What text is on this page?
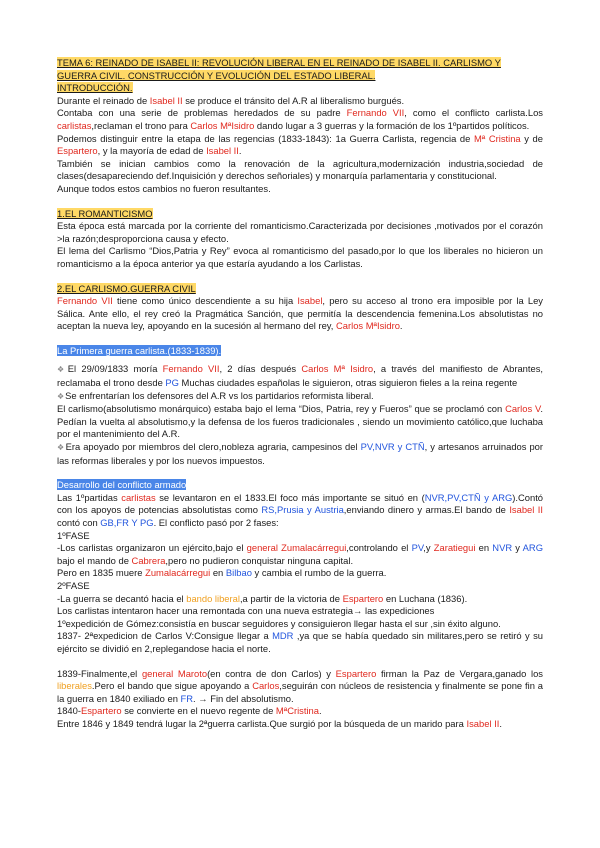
TEMA 6: REINADO DE ISABEL II: REVOLUCIÓN LIBERAL EN EL REINADO DE ISABEL II. CARLISMO Y
GUERRA CIVIL. CONSTRUCCIÓN Y EVOLUCIÓN DEL ESTADO LIBERAL.
INTRODUCCIÓN.

Durante el reinado de Isabel II se produce el tránsito del A.R al liberalismo burgués.

Contaba con una serie de problemas heredados de su padre Fernando VII, como el conflicto carlista.Los carlistas,reclaman el trono para Carlos MªIsidro dando lugar a 3 guerras y la formación de los 1ºpartidos políticos.

Podemos distinguir entre la etapa de las regencias (1833-1843): 1a Guerra Carlista, regencia de Mª Cristina y de Espartero, y la mayoría de edad de Isabel II.

También se inician cambios como la renovación de la agricultura,modernización industria,sociedad de clases(desapareciendo def.Inquisición y derechos señoriales) y monarquía parlamentaria y constitucional.

Aunque todos estos cambios no fueron resultantes.

1.EL ROMANTICISMO

Esta época está marcada por la corriente del romanticismo.Caracterizada por decisiones ,motivados por el corazón >la razón;desproporciona causa y efecto.

El lema del Carlismo “Dios,Patria y Rey” evoca al romanticismo del pasado,por lo que los liberales no hicieron un romanticismo a la época anterior ya que estaría ayudando a los Carlistas.

2.EL CARLISMO.GUERRA CIVIL

Fernando VII tiene como único descendiente a su hija Isabel, pero su acceso al trono era imposible por la Ley Sálica. Ante ello, el rey creó la Pragmática Sanción, que permitía la descendencia femenina.Los absolutistas no aceptan la nueva ley, apoyando en la sucesión al hermano del rey, Carlos MªIsidro.

La Primera guerra carlista.(1833-1839).

❖El 29/09/1833 moría Fernando VII, 2 días después Carlos Mª Isidro, a través del manifiesto de Abrantes, reclamaba el trono desde PG Muchas ciudades españolas le siguieron, otras siguieron fieles a la reina regente

❖Se enfrentarían los defensores del A.R vs los partidarios reformista liberal.

El carlismo(absolutismo monárquico) estaba bajo el lema “Dios, Patria, rey y Fueros” que se proclamó con Carlos V. Pedían la vuelta al absolutismo,y la defensa de los fueros tradicionales , siendo un movimiento católico,que luchaba por el mantenimiento del A.R.

❖Era apoyado por miembros del clero,nobleza agraria, campesinos del PV,NVR y CTÑ, y artesanos arruinados por las reformas liberales y por los nuevos impuestos.

Desarrollo del conflicto armado

Las 1ºpartidas carlistas se levantaron en el 1833.El foco más importante se situó en (NVR,PV,CTÑ y ARG).Contó con los apoyos de potencias absolutistas como RS,Prusia y Austria,enviando dinero y armas.El bando de Isabel II contó con GB,FR Y PG. El conflicto pasó por 2 fases:

1ºFASE

-Los carlistas organizaron un ejército,bajo el general Zumalacárregui,controlando el PV,y Zaratiegui en NVR y ARG bajo el mando de Cabrera,pero no pudieron conquistar ninguna capital.

Pero en 1835 muere Zumalacárregui en Bilbao y cambia el rumbo de la guerra.

2ºFASE

-La guerra se decantó hacia el bando liberal,a partir de la victoria de Espartero en Luchana (1836).

Los carlistas intentaron hacer una remontada con una nueva estrategia→ las expediciones

1ºexpedición de Gómez:consistía en buscar seguidores y consiguieron llegar hasta el sur ,sin éxito alguno.

1837- 2ªexpedicion de Carlos V:Consigue llegar a MDR ,ya que se había quedado sin militares,pero se retiró y su ejército se dividió en 2,replegandose hacia el norte.

1839-Finalmente,el general Maroto(en contra de don Carlos) y Espartero firman la Paz de Vergara,ganado los liberales.Pero el bando que sigue apoyando a Carlos,seguirán con núcleos de resistencia y finalmente se pone fin a la guerra en 1840 exiliado en FR. → Fin del absolutismo.

1840-Espartero se convierte en el nuevo regente de MªCristina.

Entre 1846 y 1849 tendrá lugar la 2ªguerra carlista.Que surgió por la búsqueda de un marido para Isabel II.
